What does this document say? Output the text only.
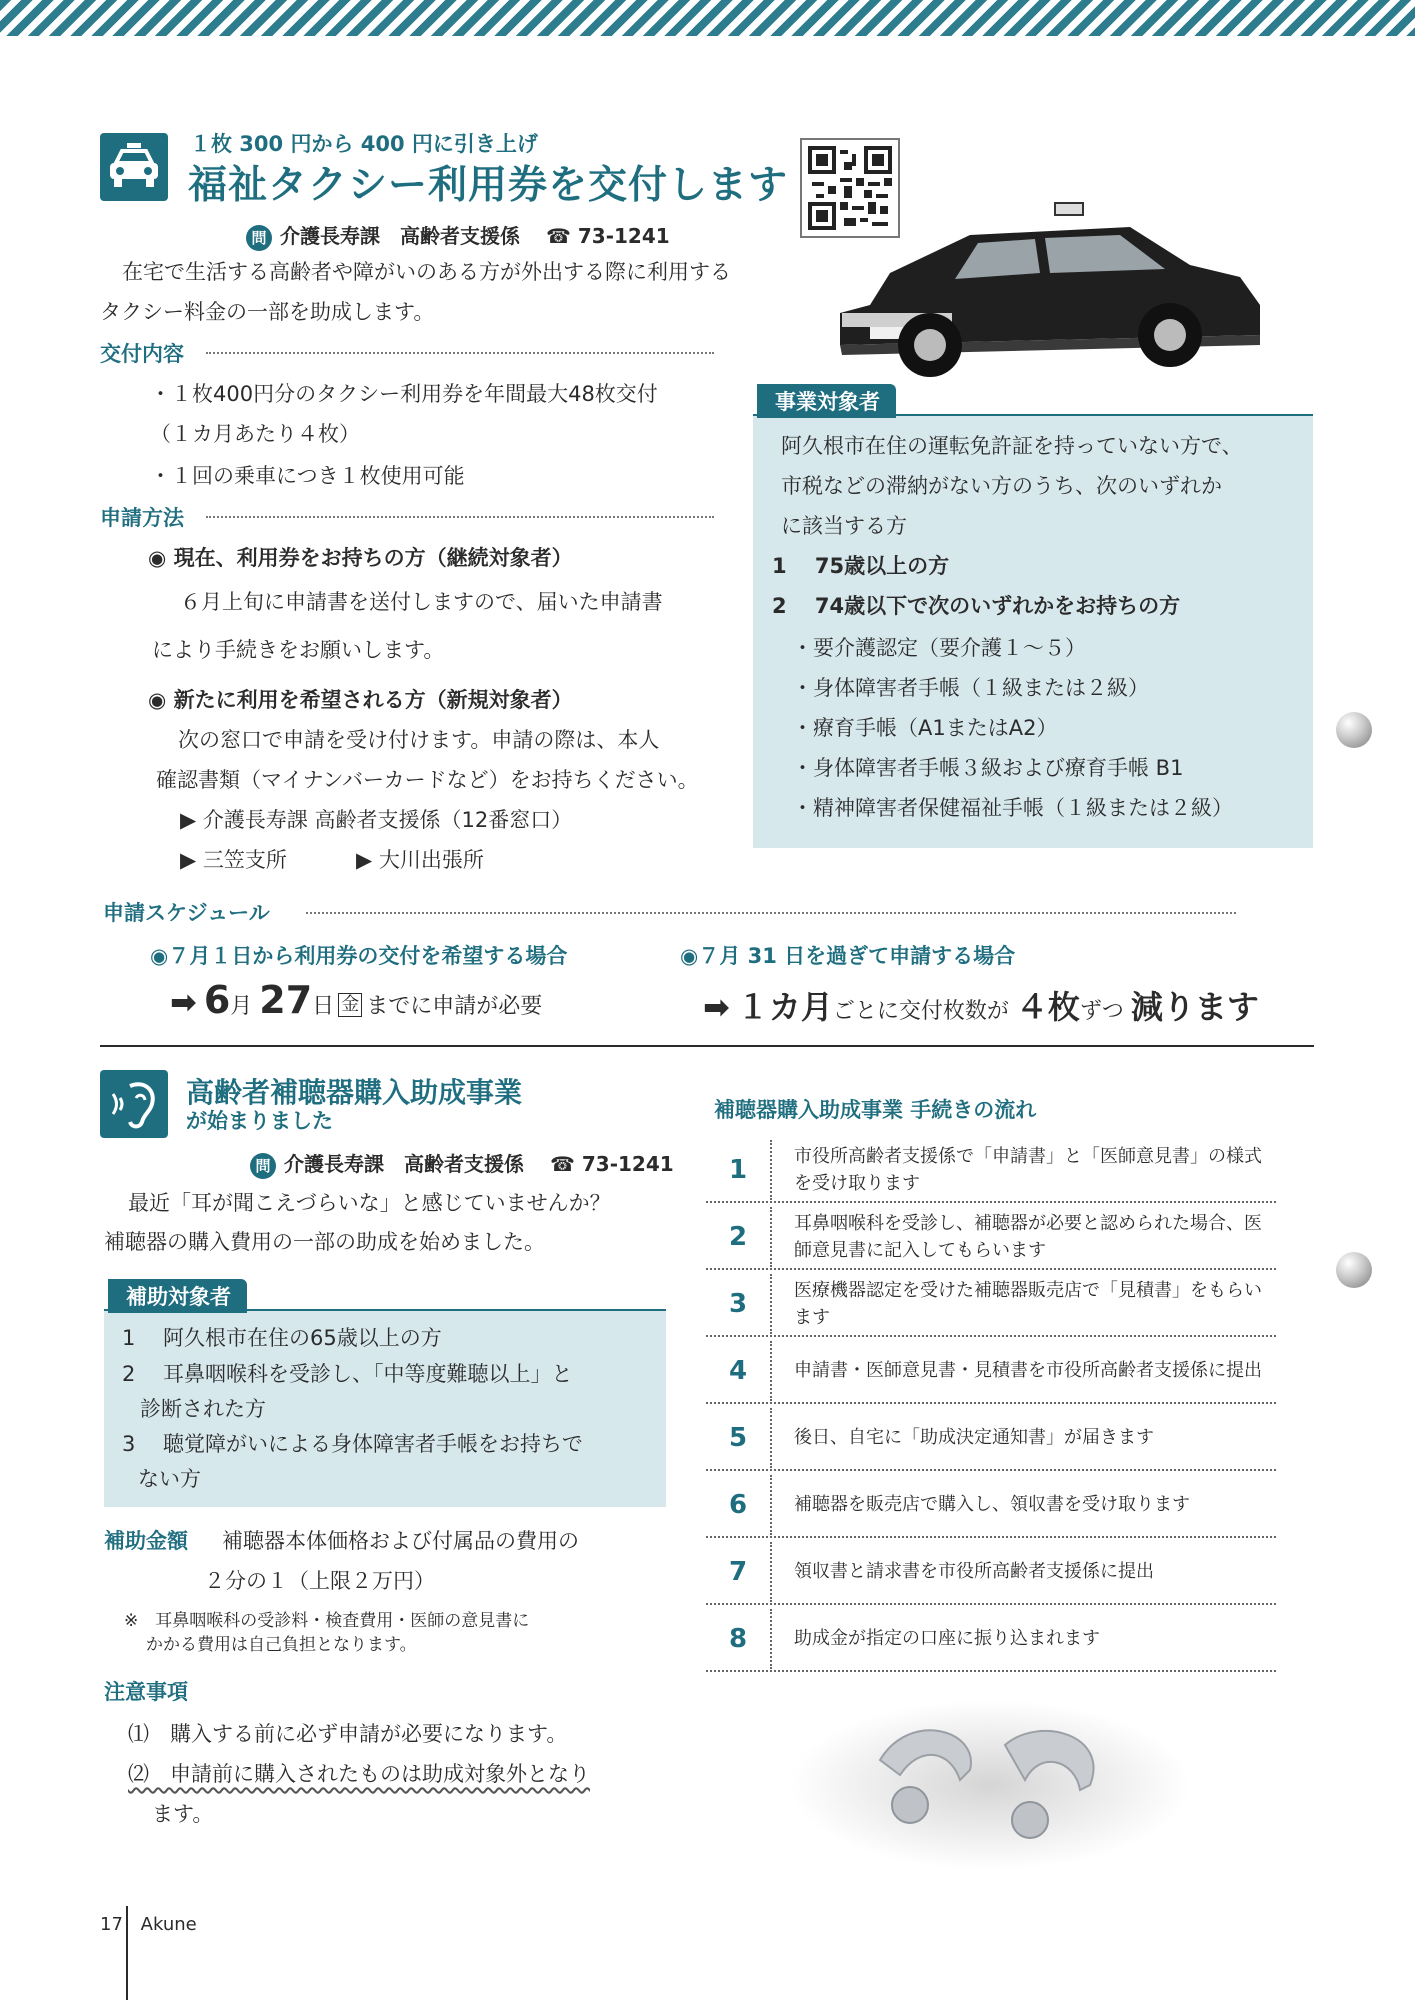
１枚 300 円から 400 円に引き上げ
福祉タクシー利用券を交付します
問 介護長寿課　高齢者支援係 ☎ 73-1241
在宅で生活する高齢者や障がいのある方が外出する際に利用するタクシー料金の一部を助成します。
交付内容
・１枚400円分のタクシー利用券を年間最大48枚交付
（１カ月あたり４枚）
・１回の乗車につき１枚使用可能
申請方法
◉ 現在、利用券をお持ちの方（継続対象者）
６月上旬に申請書を送付しますので、届いた申請書
により手続きをお願いします。
◉ 新たに利用を希望される方（新規対象者）
次の窓口で申請を受け付けます。申請の際は、本人
確認書類（マイナンバーカードなど）をお持ちください。
▶ 介護長寿課 高齢者支援係（12番窓口）
▶ 三笠支所	▶ 大川出張所
事業対象者
阿久根市在住の運転免許証を持っていない方で、
市税などの滞納がない方のうち、次のいずれか
に該当する方
1　 75歳以上の方
2　 74歳以下で次のいずれかをお持ちの方
・要介護認定（要介護１～５）
・身体障害者手帳（１級または２級）
・療育手帳（A1またはA2）
・身体障害者手帳３級および療育手帳 B1
・精神障害者保健福祉手帳（１級または２級）
申請スケジュール
◉７月１日から利用券の交付を希望する場合	◉７月 31 日を過ぎて申請する場合
➡ 6月 27日 金 までに申請が必要	➡ １カ月ごとに交付枚数が ４枚ずつ 減ります
高齢者補聴器購入助成事業
が始まりました
問 介護長寿課　高齢者支援係 ☎ 73-1241
最近「耳が聞こえづらいな」と感じていませんか？
補聴器の購入費用の一部の助成を始めました。
補助対象者
1　 阿久根市在住の65歳以上の方
2　 耳鼻咽喉科を受診し、「中等度難聴以上」と
診断された方
3　 聴覚障がいによる身体障害者手帳をお持ちで
ない方
補助金額 補聴器本体価格および付属品の費用の
２分の１（上限２万円）
※　耳鼻咽喉科の受診料・検査費用・医師の意見書に
かかる費用は自己負担となります。
注意事項
⑴　購入する前に必ず申請が必要になります。
⑵　申請前に購入されたものは助成対象外となり
ます。
補聴器購入助成事業 手続きの流れ
1	市役所高齢者支援係で「申請書」と「医師意見書」の様式を受け取ります
2	耳鼻咽喉科を受診し、補聴器が必要と認められた場合、医師意見書に記入してもらいます
3	医療機器認定を受けた補聴器販売店で「見積書」をもらいます
4	申請書・医師意見書・見積書を市役所高齢者支援係に提出
5	後日、自宅に「助成決定通知書」が届きます
6	補聴器を販売店で購入し、領収書を受け取ります
7	領収書と請求書を市役所高齢者支援係に提出
8	助成金が指定の口座に振り込まれます
17 Akune
